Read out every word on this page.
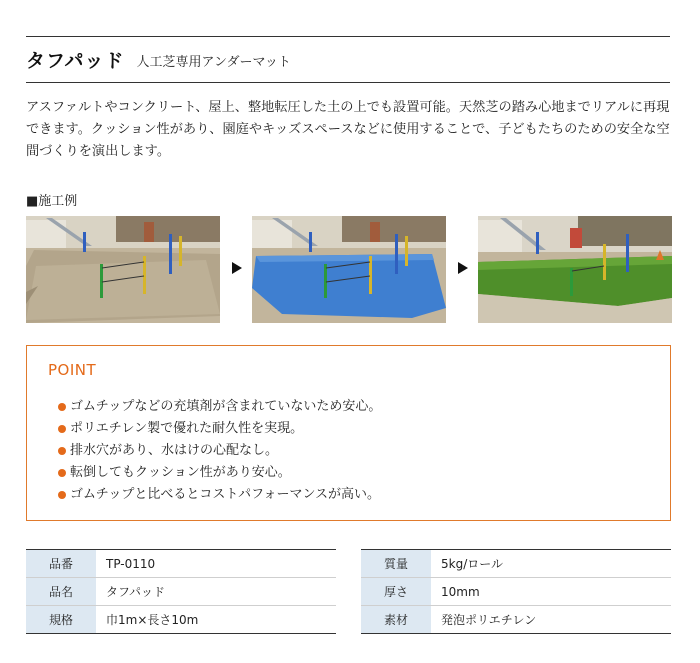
タフパッド 人工芝専用アンダーマット

アスファルトやコンクリート、屋上、整地転圧した土の上でも設置可能。天然芝の踏み心地までリアルに再現できます。クッション性があり、園庭やキッズスペースなどに使用することで、子どもたちのための安全な空間づくりを演出します。

■施工例
POINT
ゴムチップなどの充填剤が含まれていないため安心。
ポリエチレン製で優れた耐久性を実現。
排水穴があり、水はけの心配なし。
転倒してもクッション性があり安心。
ゴムチップと比べるとコストパフォーマンスが高い。
品番	TP-0110
品名	タフパッド
規格	巾1m×長さ10m
質量	5kg/ロール
厚さ	10mm
素材	発泡ポリエチレン
